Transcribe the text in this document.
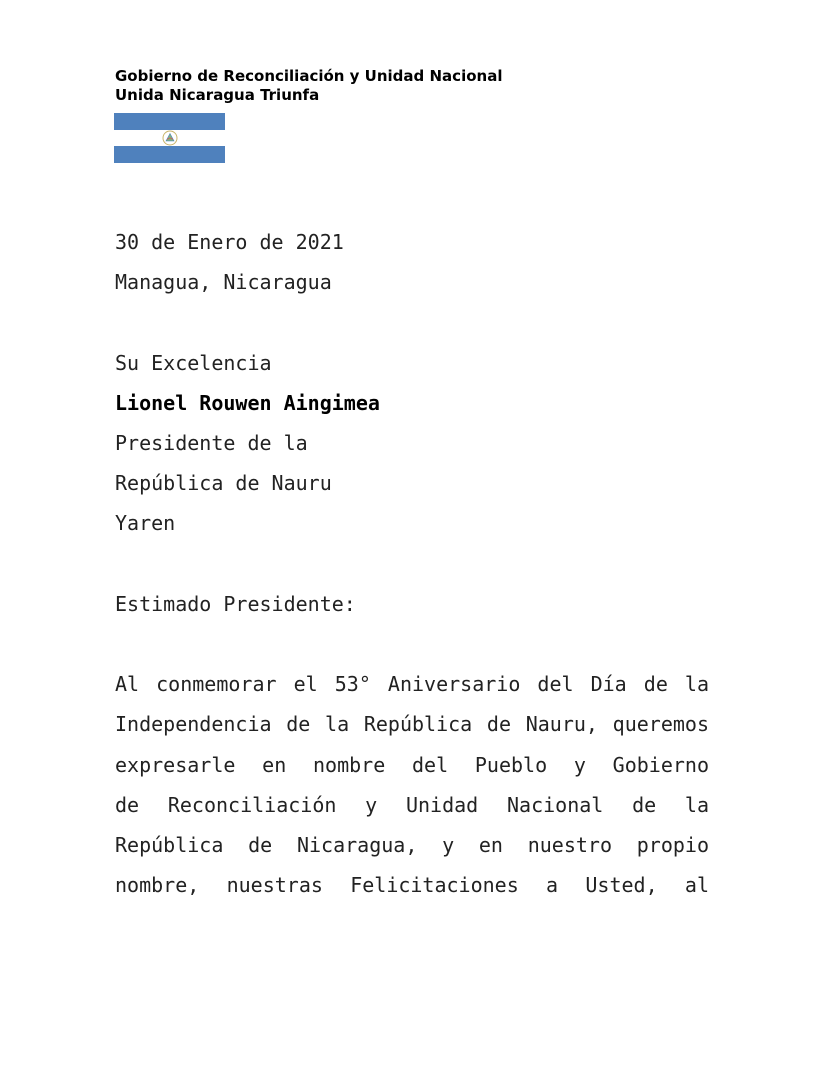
Gobierno de Reconciliación y Unidad Nacional
Unida Nicaragua Triunfa
30 de Enero de 2021
Managua, Nicaragua
Su Excelencia
Lionel Rouwen Aingimea
Presidente de la
República de Nauru
Yaren
Estimado Presidente:
Al conmemorar el 53° Aniversario del Día de la
Independencia de la República de Nauru, queremos
expresarle en nombre del Pueblo y Gobierno
de Reconciliación y Unidad Nacional de la
República de Nicaragua, y en nuestro propio
nombre, nuestras Felicitaciones a Usted, al
